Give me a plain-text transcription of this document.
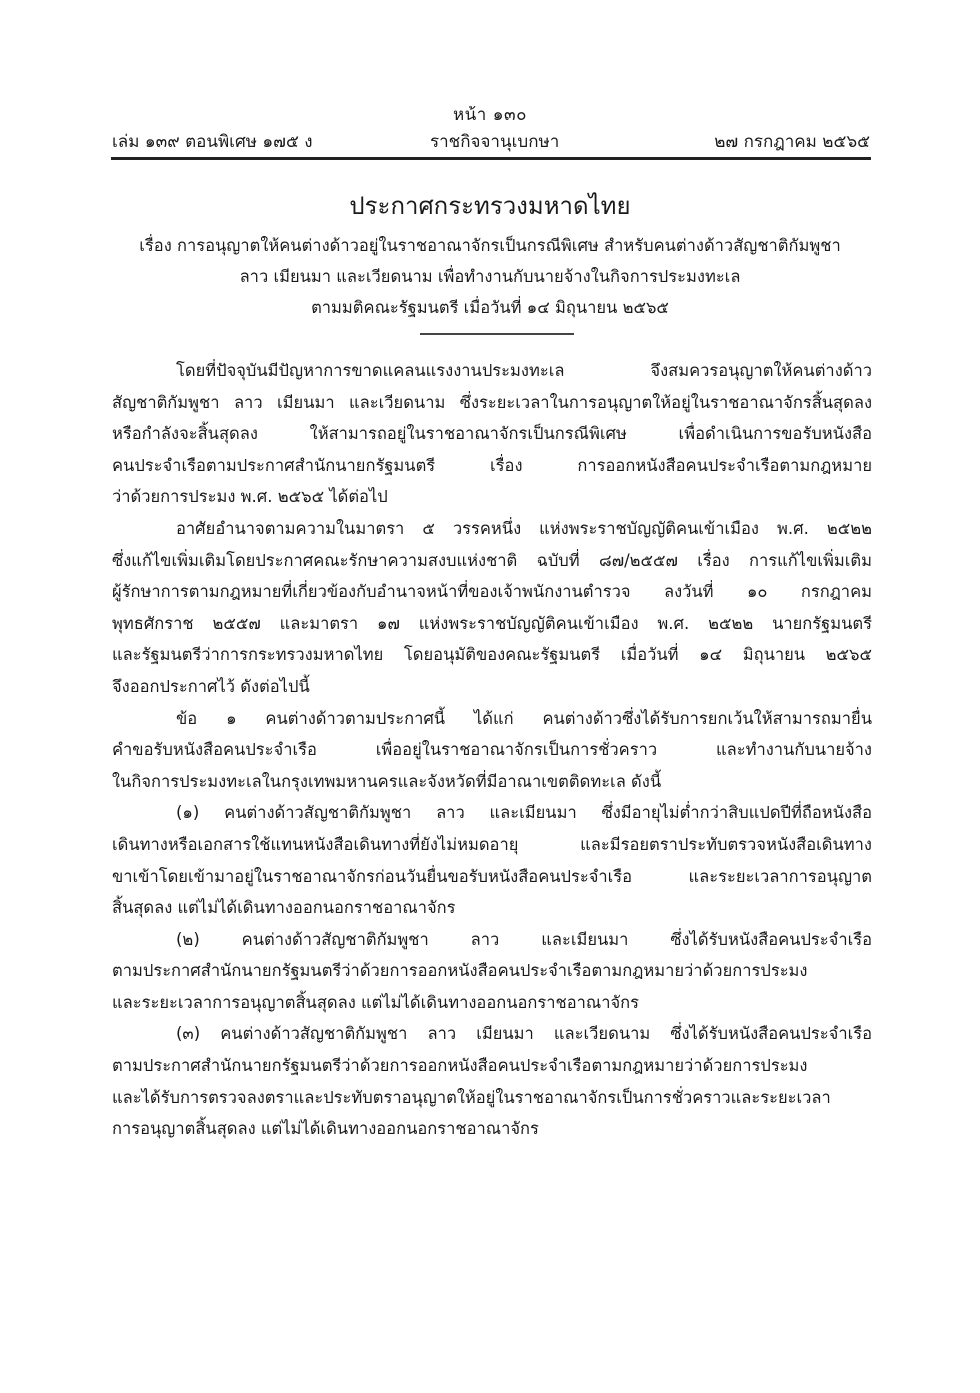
หน้า ๑๓๐
เล่ม ๑๓๙ ตอนพิเศษ ๑๗๕ ง	ราชกิจจานุเบกษา	๒๗ กรกฎาคม ๒๕๖๕
ประกาศกระทรวงมหาดไทย
เรื่อง การอนุญาตให้คนต่างด้าวอยู่ในราชอาณาจักรเป็นกรณีพิเศษ สำหรับคนต่างด้าวสัญชาติกัมพูชา
ลาว เมียนมา และเวียดนาม เพื่อทำงานกับนายจ้างในกิจการประมงทะเล
ตามมติคณะรัฐมนตรี เมื่อวันที่ ๑๔ มิถุนายน ๒๕๖๕

โดยที่ปัจจุบันมีปัญหาการขาดแคลนแรงงานประมงทะเล จึงสมควรอนุญาตให้คนต่างด้าว
สัญชาติกัมพูชา ลาว เมียนมา และเวียดนาม ซึ่งระยะเวลาในการอนุญาตให้อยู่ในราชอาณาจักรสิ้นสุดลง
หรือกำลังจะสิ้นสุดลง ให้สามารถอยู่ในราชอาณาจักรเป็นกรณีพิเศษ เพื่อดำเนินการขอรับหนังสือ
คนประจำเรือตามประกาศสำนักนายกรัฐมนตรี เรื่อง การออกหนังสือคนประจำเรือตามกฎหมาย
ว่าด้วยการประมง พ.ศ. ๒๕๖๕ ได้ต่อไป

อาศัยอำนาจตามความในมาตรา ๕ วรรคหนึ่ง แห่งพระราชบัญญัติคนเข้าเมือง พ.ศ. ๒๕๒๒
ซึ่งแก้ไขเพิ่มเติมโดยประกาศคณะรักษาความสงบแห่งชาติ ฉบับที่ ๘๗/๒๕๕๗ เรื่อง การแก้ไขเพิ่มเติม
ผู้รักษาการตามกฎหมายที่เกี่ยวข้องกับอำนาจหน้าที่ของเจ้าพนักงานตำรวจ ลงวันที่ ๑๐ กรกฎาคม
พุทธศักราช ๒๕๕๗ และมาตรา ๑๗ แห่งพระราชบัญญัติคนเข้าเมือง พ.ศ. ๒๕๒๒ นายกรัฐมนตรี
และรัฐมนตรีว่าการกระทรวงมหาดไทย โดยอนุมัติของคณะรัฐมนตรี เมื่อวันที่ ๑๔ มิถุนายน ๒๕๖๕
จึงออกประกาศไว้ ดังต่อไปนี้

ข้อ ๑ คนต่างด้าวตามประกาศนี้ ได้แก่ คนต่างด้าวซึ่งได้รับการยกเว้นให้สามารถมายื่น
คำขอรับหนังสือคนประจำเรือ เพื่ออยู่ในราชอาณาจักรเป็นการชั่วคราว และทำงานกับนายจ้าง
ในกิจการประมงทะเลในกรุงเทพมหานครและจังหวัดที่มีอาณาเขตติดทะเล ดังนี้

(๑) คนต่างด้าวสัญชาติกัมพูชา ลาว และเมียนมา ซึ่งมีอายุไม่ต่ำกว่าสิบแปดปีที่ถือหนังสือ
เดินทางหรือเอกสารใช้แทนหนังสือเดินทางที่ยังไม่หมดอายุ และมีรอยตราประทับตรวจหนังสือเดินทาง
ขาเข้าโดยเข้ามาอยู่ในราชอาณาจักรก่อนวันยื่นขอรับหนังสือคนประจำเรือ และระยะเวลาการอนุญาต
สิ้นสุดลง แต่ไม่ได้เดินทางออกนอกราชอาณาจักร

(๒) คนต่างด้าวสัญชาติกัมพูชา ลาว และเมียนมา ซึ่งได้รับหนังสือคนประจำเรือ
ตามประกาศสำนักนายกรัฐมนตรีว่าด้วยการออกหนังสือคนประจำเรือตามกฎหมายว่าด้วยการประมง
และระยะเวลาการอนุญาตสิ้นสุดลง แต่ไม่ได้เดินทางออกนอกราชอาณาจักร

(๓) คนต่างด้าวสัญชาติกัมพูชา ลาว เมียนมา และเวียดนาม ซึ่งได้รับหนังสือคนประจำเรือ
ตามประกาศสำนักนายกรัฐมนตรีว่าด้วยการออกหนังสือคนประจำเรือตามกฎหมายว่าด้วยการประมง
และได้รับการตรวจลงตราและประทับตราอนุญาตให้อยู่ในราชอาณาจักรเป็นการชั่วคราวและระยะเวลา
การอนุญาตสิ้นสุดลง แต่ไม่ได้เดินทางออกนอกราชอาณาจักร
